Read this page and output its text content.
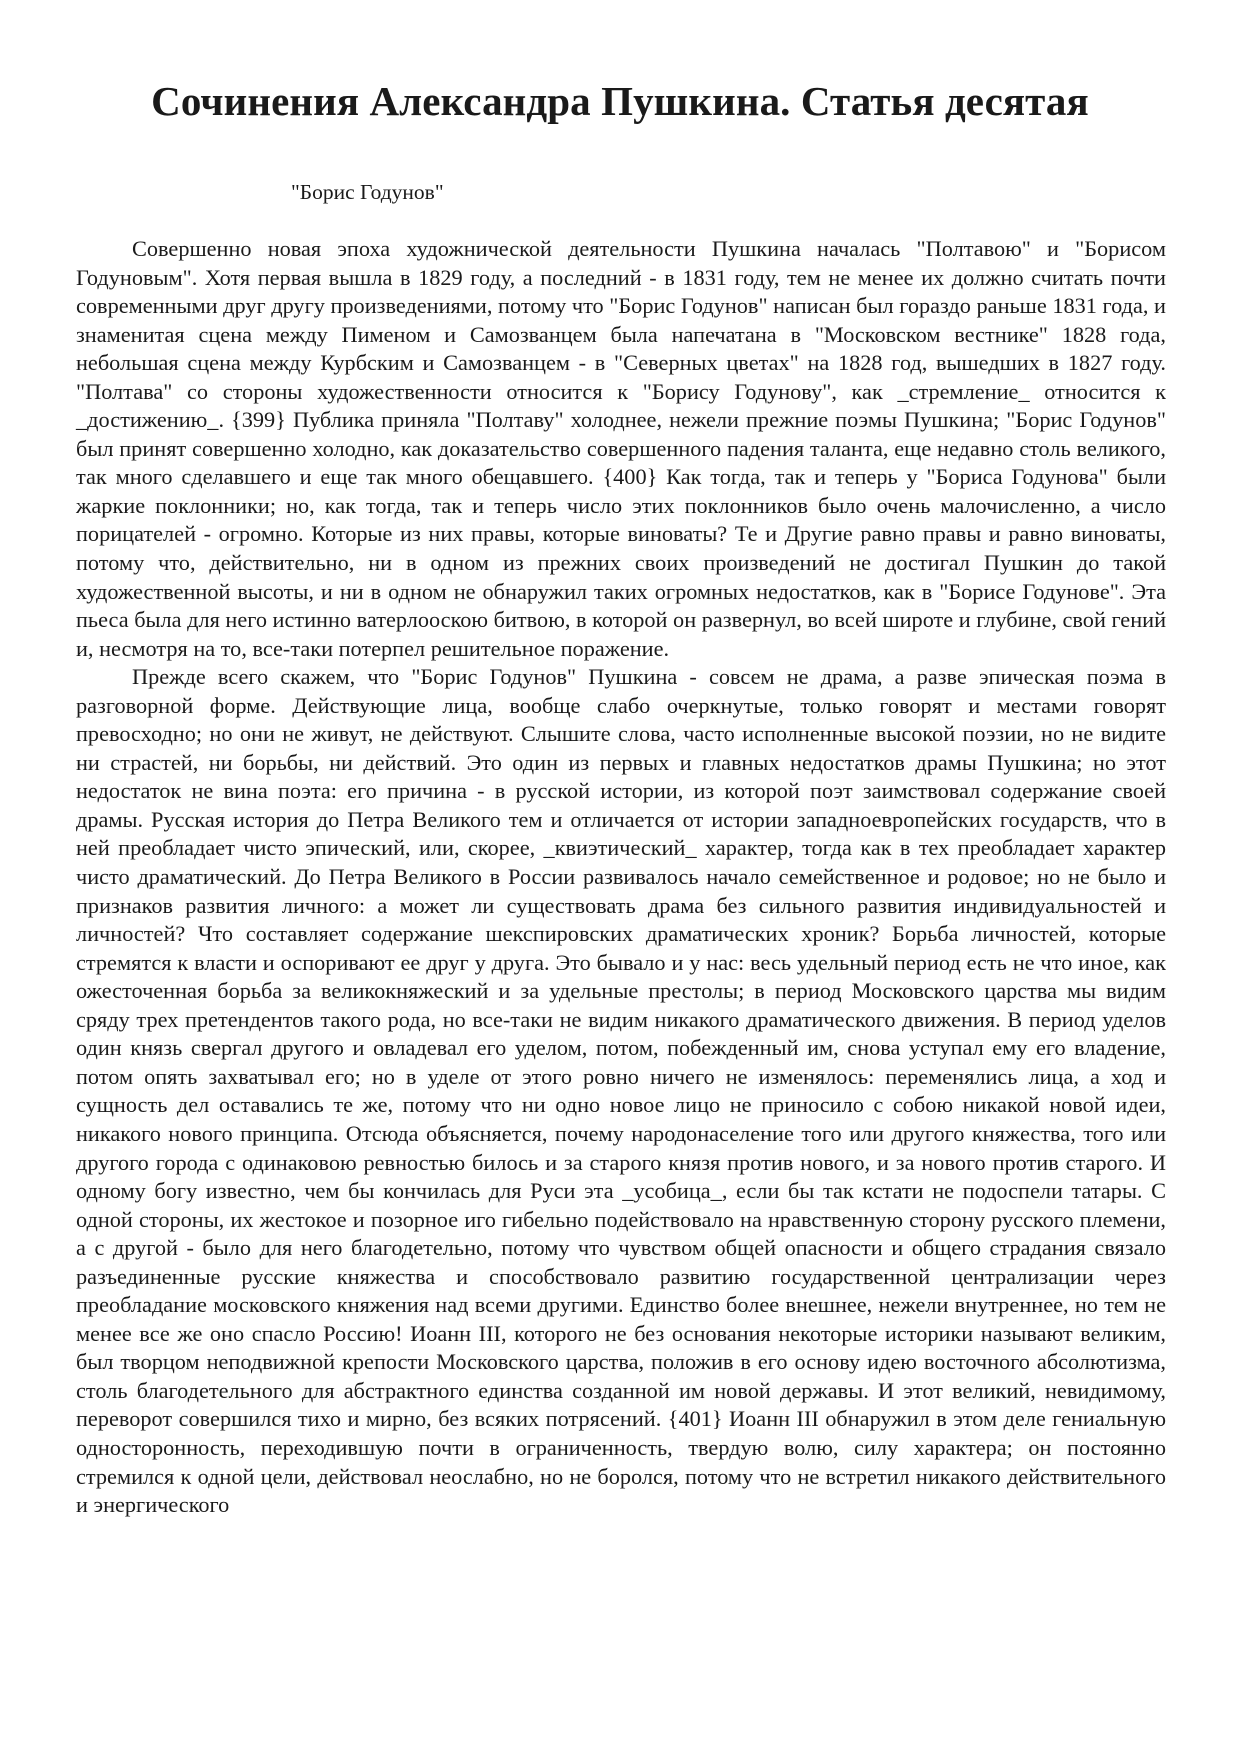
Сочинения Александра Пушкина. Статья десятая
"Борис Годунов"

Совершенно новая эпоха художнической деятельности Пушкина началась "Полтавою" и "Борисом Годуновым". Хотя первая вышла в 1829 году, а последний - в 1831 году, тем не менее их должно считать почти современными друг другу произведениями, потому что "Борис Годунов" написан был гораздо раньше 1831 года, и знаменитая сцена между Пименом и Самозванцем была напечатана в "Московском вестнике" 1828 года, небольшая сцена между Курбским и Самозванцем - в "Северных цветах" на 1828 год, вышедших в 1827 году. "Полтава" со стороны художественности относится к "Борису Годунову", как _стремление_ относится к _достижению_. {399} Публика приняла "Полтаву" холоднее, нежели прежние поэмы Пушкина; "Борис Годунов" был принят совершенно холодно, как доказательство совершенного падения таланта, еще недавно столь великого, так много сделавшего и еще так много обещавшего. {400} Как тогда, так и теперь у "Бориса Годунова" были жаркие поклонники; но, как тогда, так и теперь число этих поклонников было очень малочисленно, а число порицателей - огромно. Которые из них правы, которые виноваты? Те и Другие равно правы и равно виноваты, потому что, действительно, ни в одном из прежних своих произведений не достигал Пушкин до такой художественной высоты, и ни в одном не обнаружил таких огромных недостатков, как в "Борисе Годунове". Эта пьеса была для него истинно ватерлооскою битвою, в которой он развернул, во всей широте и глубине, свой гений и, несмотря на то, все-таки потерпел решительное поражение.

Прежде всего скажем, что "Борис Годунов" Пушкина - совсем не драма, а разве эпическая поэма в разговорной форме. Действующие лица, вообще слабо очеркнутые, только говорят и местами говорят превосходно; но они не живут, не действуют. Слышите слова, часто исполненные высокой поэзии, но не видите ни страстей, ни борьбы, ни действий. Это один из первых и главных недостатков драмы Пушкина; но этот недостаток не вина поэта: его причина - в русской истории, из которой поэт заимствовал содержание своей драмы. Русская история до Петра Великого тем и отличается от истории западноевропейских государств, что в ней преобладает чисто эпический, или, скорее, _квиэтический_ характер, тогда как в тех преобладает характер чисто драматический. До Петра Великого в России развивалось начало семейственное и родовое; но не было и признаков развития личного: а может ли существовать драма без сильного развития индивидуальностей и личностей? Что составляет содержание шекспировских драматических хроник? Борьба личностей, которые стремятся к власти и оспоривают ее друг у друга. Это бывало и у нас: весь удельный период есть не что иное, как ожесточенная борьба за великокняжеский и за удельные престолы; в период Московского царства мы видим сряду трех претендентов такого рода, но все-таки не видим никакого драматического движения. В период уделов один князь свергал другого и овладевал его уделом, потом, побежденный им, снова уступал ему его владение, потом опять захватывал его; но в уделе от этого ровно ничего не изменялось: переменялись лица, а ход и сущность дел оставались те же, потому что ни одно новое лицо не приносило с собою никакой новой идеи, никакого нового принципа. Отсюда объясняется, почему народонаселение того или другого княжества, того или другого города с одинаковою ревностью билось и за старого князя против нового, и за нового против старого. И одному богу известно, чем бы кончилась для Руси эта _усобица_, если бы так кстати не подоспели татары. С одной стороны, их жестокое и позорное иго гибельно подействовало на нравственную сторону русского племени, а с другой - было для него благодетельно, потому что чувством общей опасности и общего страдания связало разъединенные русские княжества и способствовало развитию государственной централизации через преобладание московского княжения над всеми другими. Единство более внешнее, нежели внутреннее, но тем не менее все же оно спасло Россию! Иоанн III, которого не без основания некоторые историки называют великим, был творцом неподвижной крепости Московского царства, положив в его основу идею восточного абсолютизма, столь благодетельного для абстрактного единства созданной им новой державы. И этот великий, невидимому, переворот совершился тихо и мирно, без всяких потрясений. {401} Иоанн III обнаружил в этом деле гениальную односторонность, переходившую почти в ограниченность, твердую волю, силу характера; он постоянно стремился к одной цели, действовал неослабно, но не боролся, потому что не встретил никакого действительного и энергического
